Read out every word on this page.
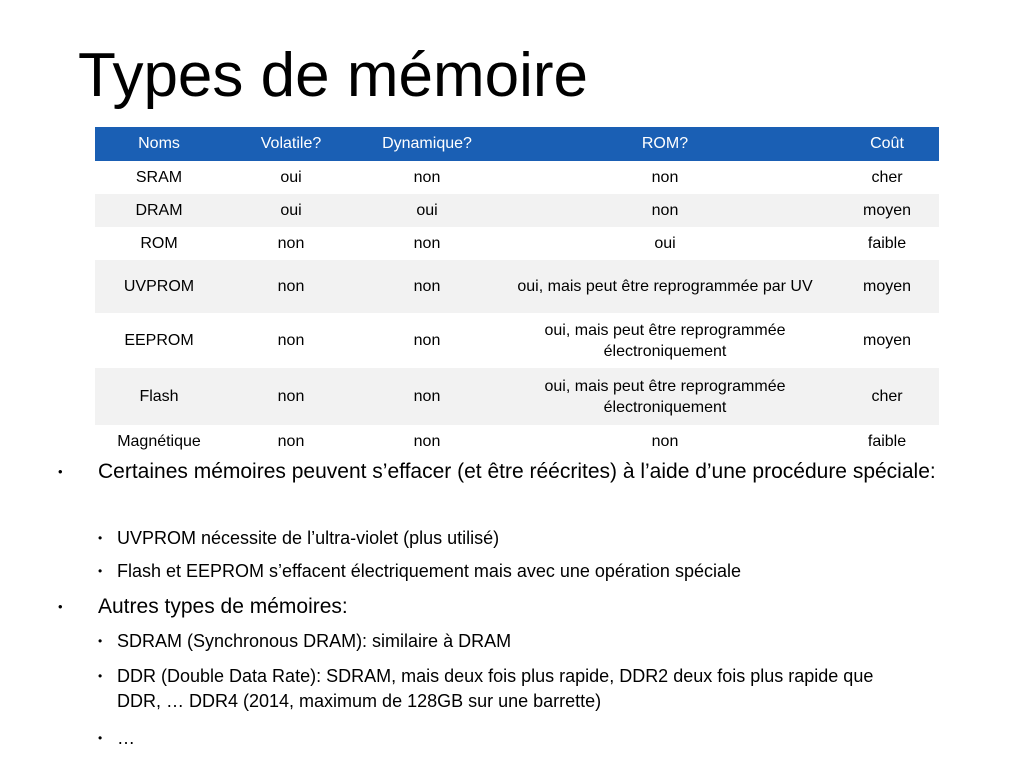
Types de mémoire
Noms	Volatile?	Dynamique?	ROM?	Coût
SRAM	oui	non	non	cher
DRAM	oui	oui	non	moyen
ROM	non	non	oui	faible
UVPROM	non	non	oui, mais peut être reprogrammée par UV	moyen
EEPROM	non	non	oui, mais peut être reprogrammée électroniquement	moyen
Flash	non	non	oui, mais peut être reprogrammée électroniquement	cher
Magnétique	non	non	non	faible
• Certaines mémoires peuvent s’effacer (et être réécrites) à l’aide d’une procédure spéciale:
• UVPROM nécessite de l’ultra-violet (plus utilisé)
• Flash et EEPROM s’effacent électriquement mais avec une opération spéciale
• Autres types de mémoires:
• SDRAM (Synchronous DRAM): similaire à DRAM
• DDR (Double Data Rate): SDRAM, mais deux fois plus rapide, DDR2 deux fois plus rapide que DDR, … DDR4 (2014, maximum de 128GB sur une barrette)
• …
